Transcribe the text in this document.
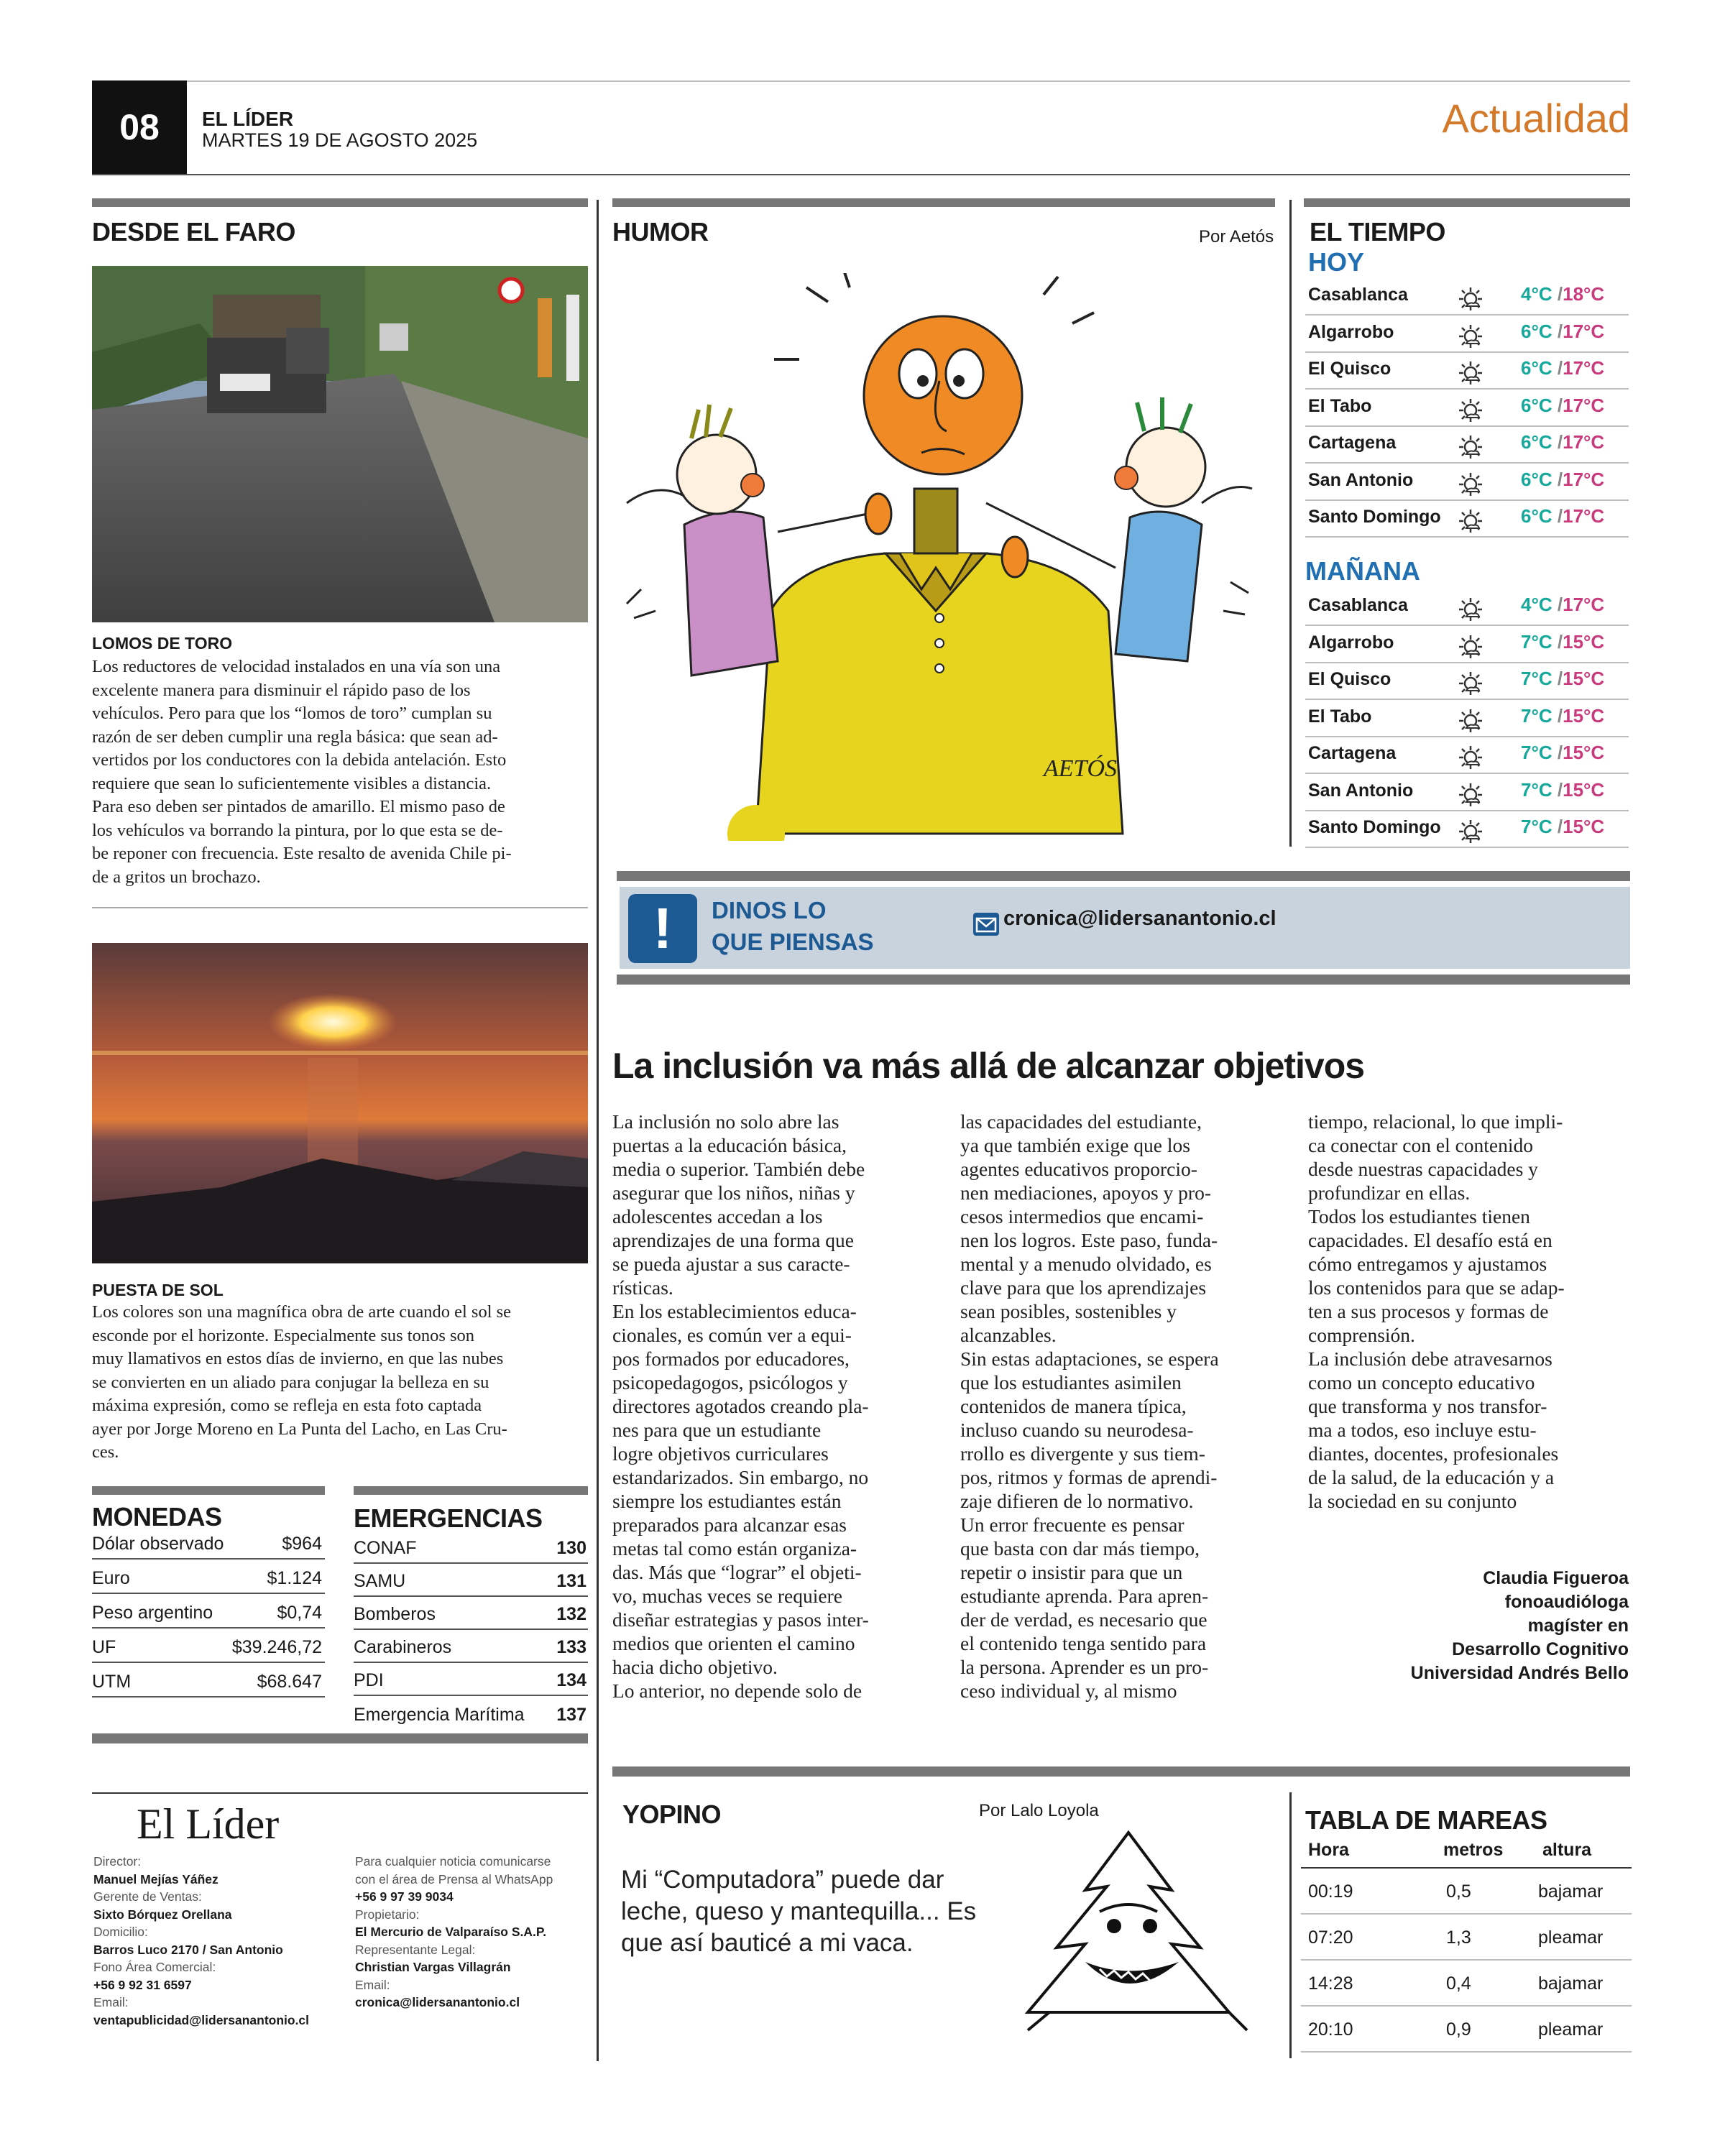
08	EL LÍDER
MARTES 19 DE AGOSTO 2025	Actualidad
DESDE EL FARO
LOMOS DE TORO
Los reductores de velocidad instalados en una vía son una
excelente manera para disminuir el rápido paso de los
vehículos. Pero para que los “lomos de toro” cumplan su
razón de ser deben cumplir una regla básica: que sean ad-
vertidos por los conductores con la debida antelación. Esto
requiere que sean lo suficientemente visibles a distancia.
Para eso deben ser pintados de amarillo. El mismo paso de
los vehículos va borrando la pintura, por lo que esta se de-
be reponer con frecuencia. Este resalto de avenida Chile pi-
de a gritos un brochazo.
PUESTA DE SOL
Los colores son una magnífica obra de arte cuando el sol se
esconde por el horizonte. Especialmente sus tonos son
muy llamativos en estos días de invierno, en que las nubes
se convierten en un aliado para conjugar la belleza en su
máxima expresión, como se refleja en esta foto captada
ayer por Jorge Moreno en La Punta del Lacho, en Las Cru-
ces.
MONEDAS
Dólar observado	$964
Euro	$1.124
Peso argentino	$0,74
UF	$39.246,72
UTM	$68.647
EMERGENCIAS
CONAF	130
SAMU	131
Bomberos	132
Carabineros	133
PDI	134
Emergencia Marítima 137
El Líder
Director:
Manuel Mejías Yáñez
Gerente de Ventas:
Sixto Bórquez Orellana
Domicilio:
Barros Luco 2170 / San Antonio
Fono Área Comercial:
+56 9 92 31 6597
Email:
ventapublicidad@lidersanantonio.cl
Para cualquier noticia comunicarse
con el área de Prensa al WhatsApp
+56 9 97 39 9034
Propietario:
El Mercurio de Valparaíso S.A.P.
Representante Legal:
Christian Vargas Villagrán
Email:
cronica@lidersanantonio.cl
HUMOR	Por Aetós
AETÓS
EL TIEMPO
HOY
Casablanca	4°C /18°C
Algarrobo	6°C /17°C
El Quisco	6°C /17°C
El Tabo	6°C /17°C
Cartagena	6°C /17°C
San Antonio	6°C /17°C
Santo Domingo	6°C /17°C
MAÑANA
Casablanca	4°C /17°C
Algarrobo	7°C /15°C
El Quisco	7°C /15°C
El Tabo	7°C /15°C
Cartagena	7°C /15°C
San Antonio	7°C /15°C
Santo Domingo	7°C /15°C
!	DINOS LO
QUE PIENSAS
cronica@lidersanantonio.cl
La inclusión va más allá de alcanzar objetivos
La inclusión no solo abre las
puertas a la educación básica,
media o superior. También debe
asegurar que los niños, niñas y
adolescentes accedan a los
aprendizajes de una forma que
se pueda ajustar a sus caracte-
rísticas.
En los establecimientos educa-
cionales, es común ver a equi-
pos formados por educadores,
psicopedagogos, psicólogos y
directores agotados creando pla-
nes para que un estudiante
logre objetivos curriculares
estandarizados. Sin embargo, no
siempre los estudiantes están
preparados para alcanzar esas
metas tal como están organiza-
das. Más que “lograr” el objeti-
vo, muchas veces se requiere
diseñar estrategias y pasos inter-
medios que orienten el camino
hacia dicho objetivo.
Lo anterior, no depende solo de
las capacidades del estudiante,
ya que también exige que los
agentes educativos proporcio-
nen mediaciones, apoyos y pro-
cesos intermedios que encami-
nen los logros. Este paso, funda-
mental y a menudo olvidado, es
clave para que los aprendizajes
sean posibles, sostenibles y
alcanzables.
Sin estas adaptaciones, se espera
que los estudiantes asimilen
contenidos de manera típica,
incluso cuando su neurodesa-
rrollo es divergente y sus tiem-
pos, ritmos y formas de aprendi-
zaje difieren de lo normativo.
Un error frecuente es pensar
que basta con dar más tiempo,
repetir o insistir para que un
estudiante aprenda. Para apren-
der de verdad, es necesario que
el contenido tenga sentido para
la persona. Aprender es un pro-
ceso individual y, al mismo
tiempo, relacional, lo que impli-
ca conectar con el contenido
desde nuestras capacidades y
profundizar en ellas.
Todos los estudiantes tienen
capacidades. El desafío está en
cómo entregamos y ajustamos
los contenidos para que se adap-
ten a sus procesos y formas de
comprensión.
La inclusión debe atravesarnos
como un concepto educativo
que transforma y nos transfor-
ma a todos, eso incluye estu-
diantes, docentes, profesionales
de la salud, de la educación y a
la sociedad en su conjunto
Claudia Figueroa
fonoaudióloga
magíster en
Desarrollo Cognitivo
Universidad Andrés Bello
YOPINO	Por Lalo Loyola
Mi “Computadora” puede dar
leche, queso y mantequilla... Es
que así bauticé a mi vaca.
TABLA DE MAREAS
Hora	metros altura
00:19	0,5	bajamar
07:20	1,3	pleamar
14:28	0,4	bajamar
20:10	0,9	pleamar
